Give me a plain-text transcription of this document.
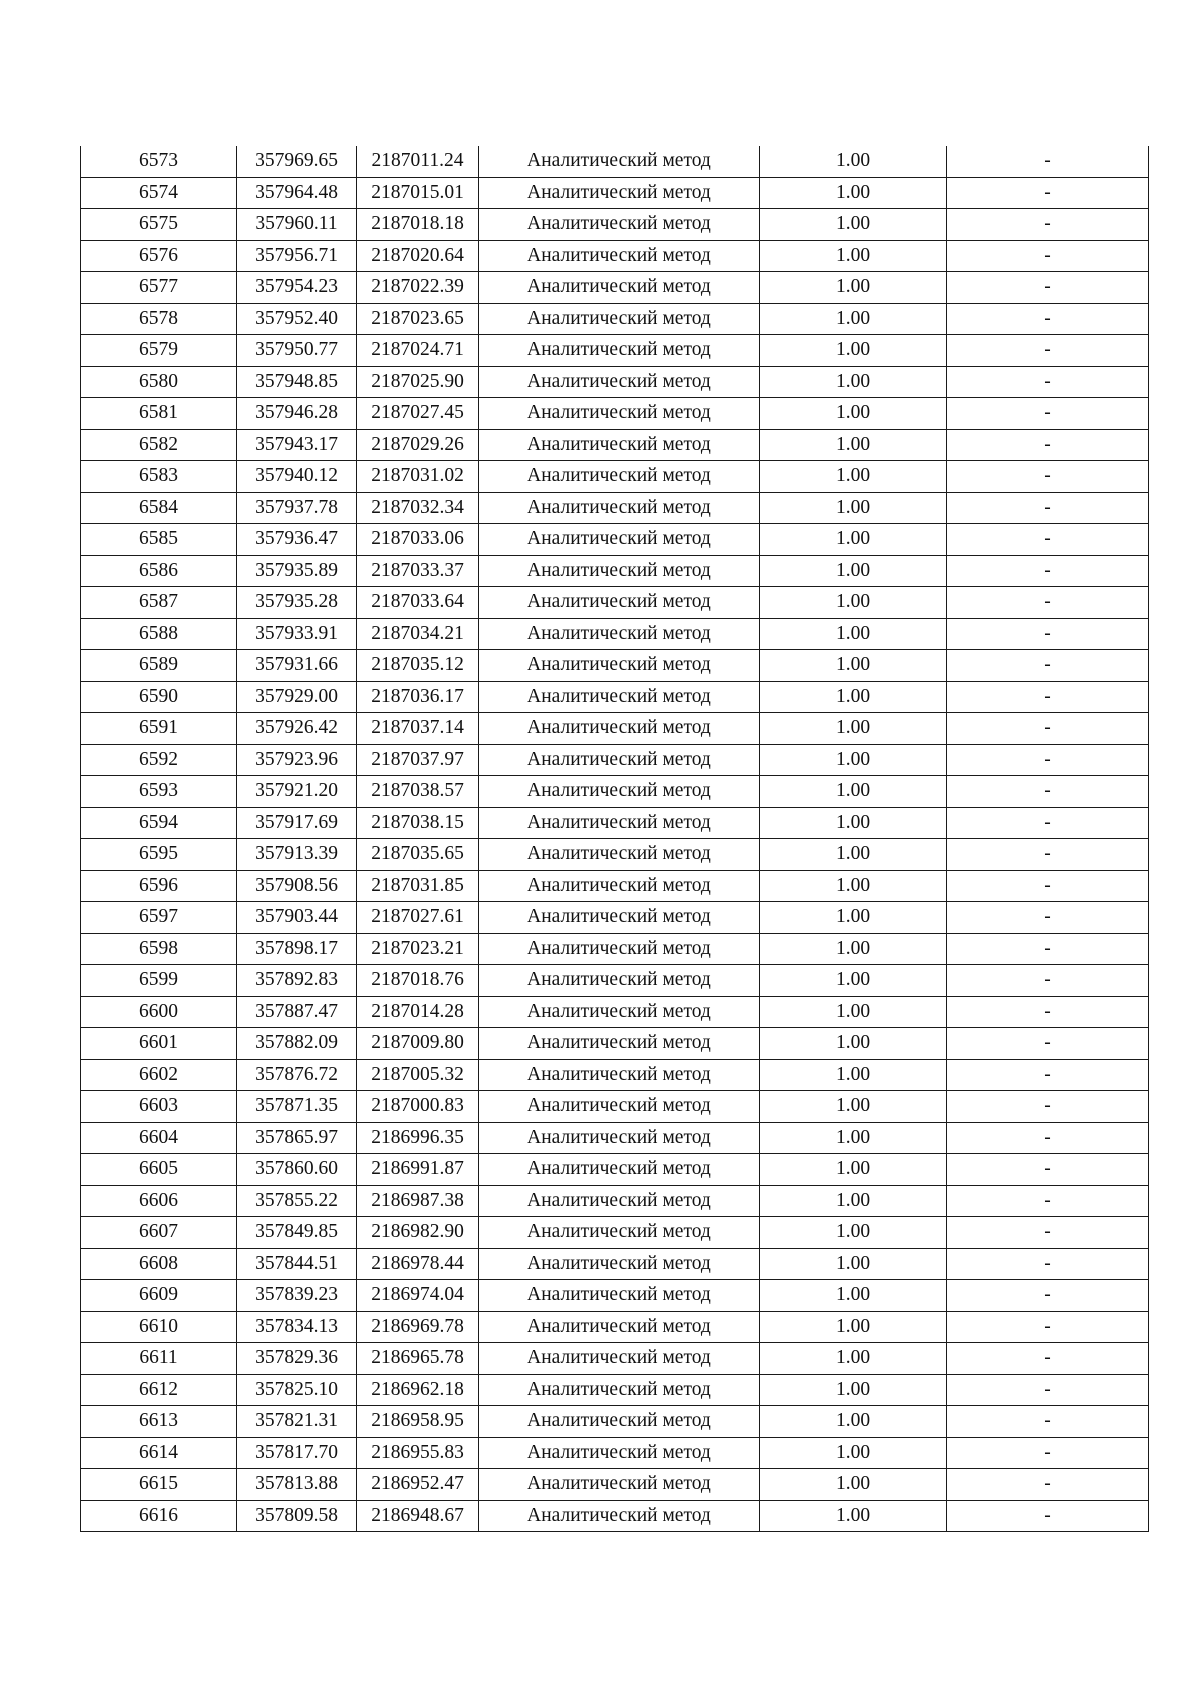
6573	357969.65	2187011.24	Аналитический метод	1.00	-
6574	357964.48	2187015.01	Аналитический метод	1.00	-
6575	357960.11	2187018.18	Аналитический метод	1.00	-
6576	357956.71	2187020.64	Аналитический метод	1.00	-
6577	357954.23	2187022.39	Аналитический метод	1.00	-
6578	357952.40	2187023.65	Аналитический метод	1.00	-
6579	357950.77	2187024.71	Аналитический метод	1.00	-
6580	357948.85	2187025.90	Аналитический метод	1.00	-
6581	357946.28	2187027.45	Аналитический метод	1.00	-
6582	357943.17	2187029.26	Аналитический метод	1.00	-
6583	357940.12	2187031.02	Аналитический метод	1.00	-
6584	357937.78	2187032.34	Аналитический метод	1.00	-
6585	357936.47	2187033.06	Аналитический метод	1.00	-
6586	357935.89	2187033.37	Аналитический метод	1.00	-
6587	357935.28	2187033.64	Аналитический метод	1.00	-
6588	357933.91	2187034.21	Аналитический метод	1.00	-
6589	357931.66	2187035.12	Аналитический метод	1.00	-
6590	357929.00	2187036.17	Аналитический метод	1.00	-
6591	357926.42	2187037.14	Аналитический метод	1.00	-
6592	357923.96	2187037.97	Аналитический метод	1.00	-
6593	357921.20	2187038.57	Аналитический метод	1.00	-
6594	357917.69	2187038.15	Аналитический метод	1.00	-
6595	357913.39	2187035.65	Аналитический метод	1.00	-
6596	357908.56	2187031.85	Аналитический метод	1.00	-
6597	357903.44	2187027.61	Аналитический метод	1.00	-
6598	357898.17	2187023.21	Аналитический метод	1.00	-
6599	357892.83	2187018.76	Аналитический метод	1.00	-
6600	357887.47	2187014.28	Аналитический метод	1.00	-
6601	357882.09	2187009.80	Аналитический метод	1.00	-
6602	357876.72	2187005.32	Аналитический метод	1.00	-
6603	357871.35	2187000.83	Аналитический метод	1.00	-
6604	357865.97	2186996.35	Аналитический метод	1.00	-
6605	357860.60	2186991.87	Аналитический метод	1.00	-
6606	357855.22	2186987.38	Аналитический метод	1.00	-
6607	357849.85	2186982.90	Аналитический метод	1.00	-
6608	357844.51	2186978.44	Аналитический метод	1.00	-
6609	357839.23	2186974.04	Аналитический метод	1.00	-
6610	357834.13	2186969.78	Аналитический метод	1.00	-
6611	357829.36	2186965.78	Аналитический метод	1.00	-
6612	357825.10	2186962.18	Аналитический метод	1.00	-
6613	357821.31	2186958.95	Аналитический метод	1.00	-
6614	357817.70	2186955.83	Аналитический метод	1.00	-
6615	357813.88	2186952.47	Аналитический метод	1.00	-
6616	357809.58	2186948.67	Аналитический метод	1.00	-
